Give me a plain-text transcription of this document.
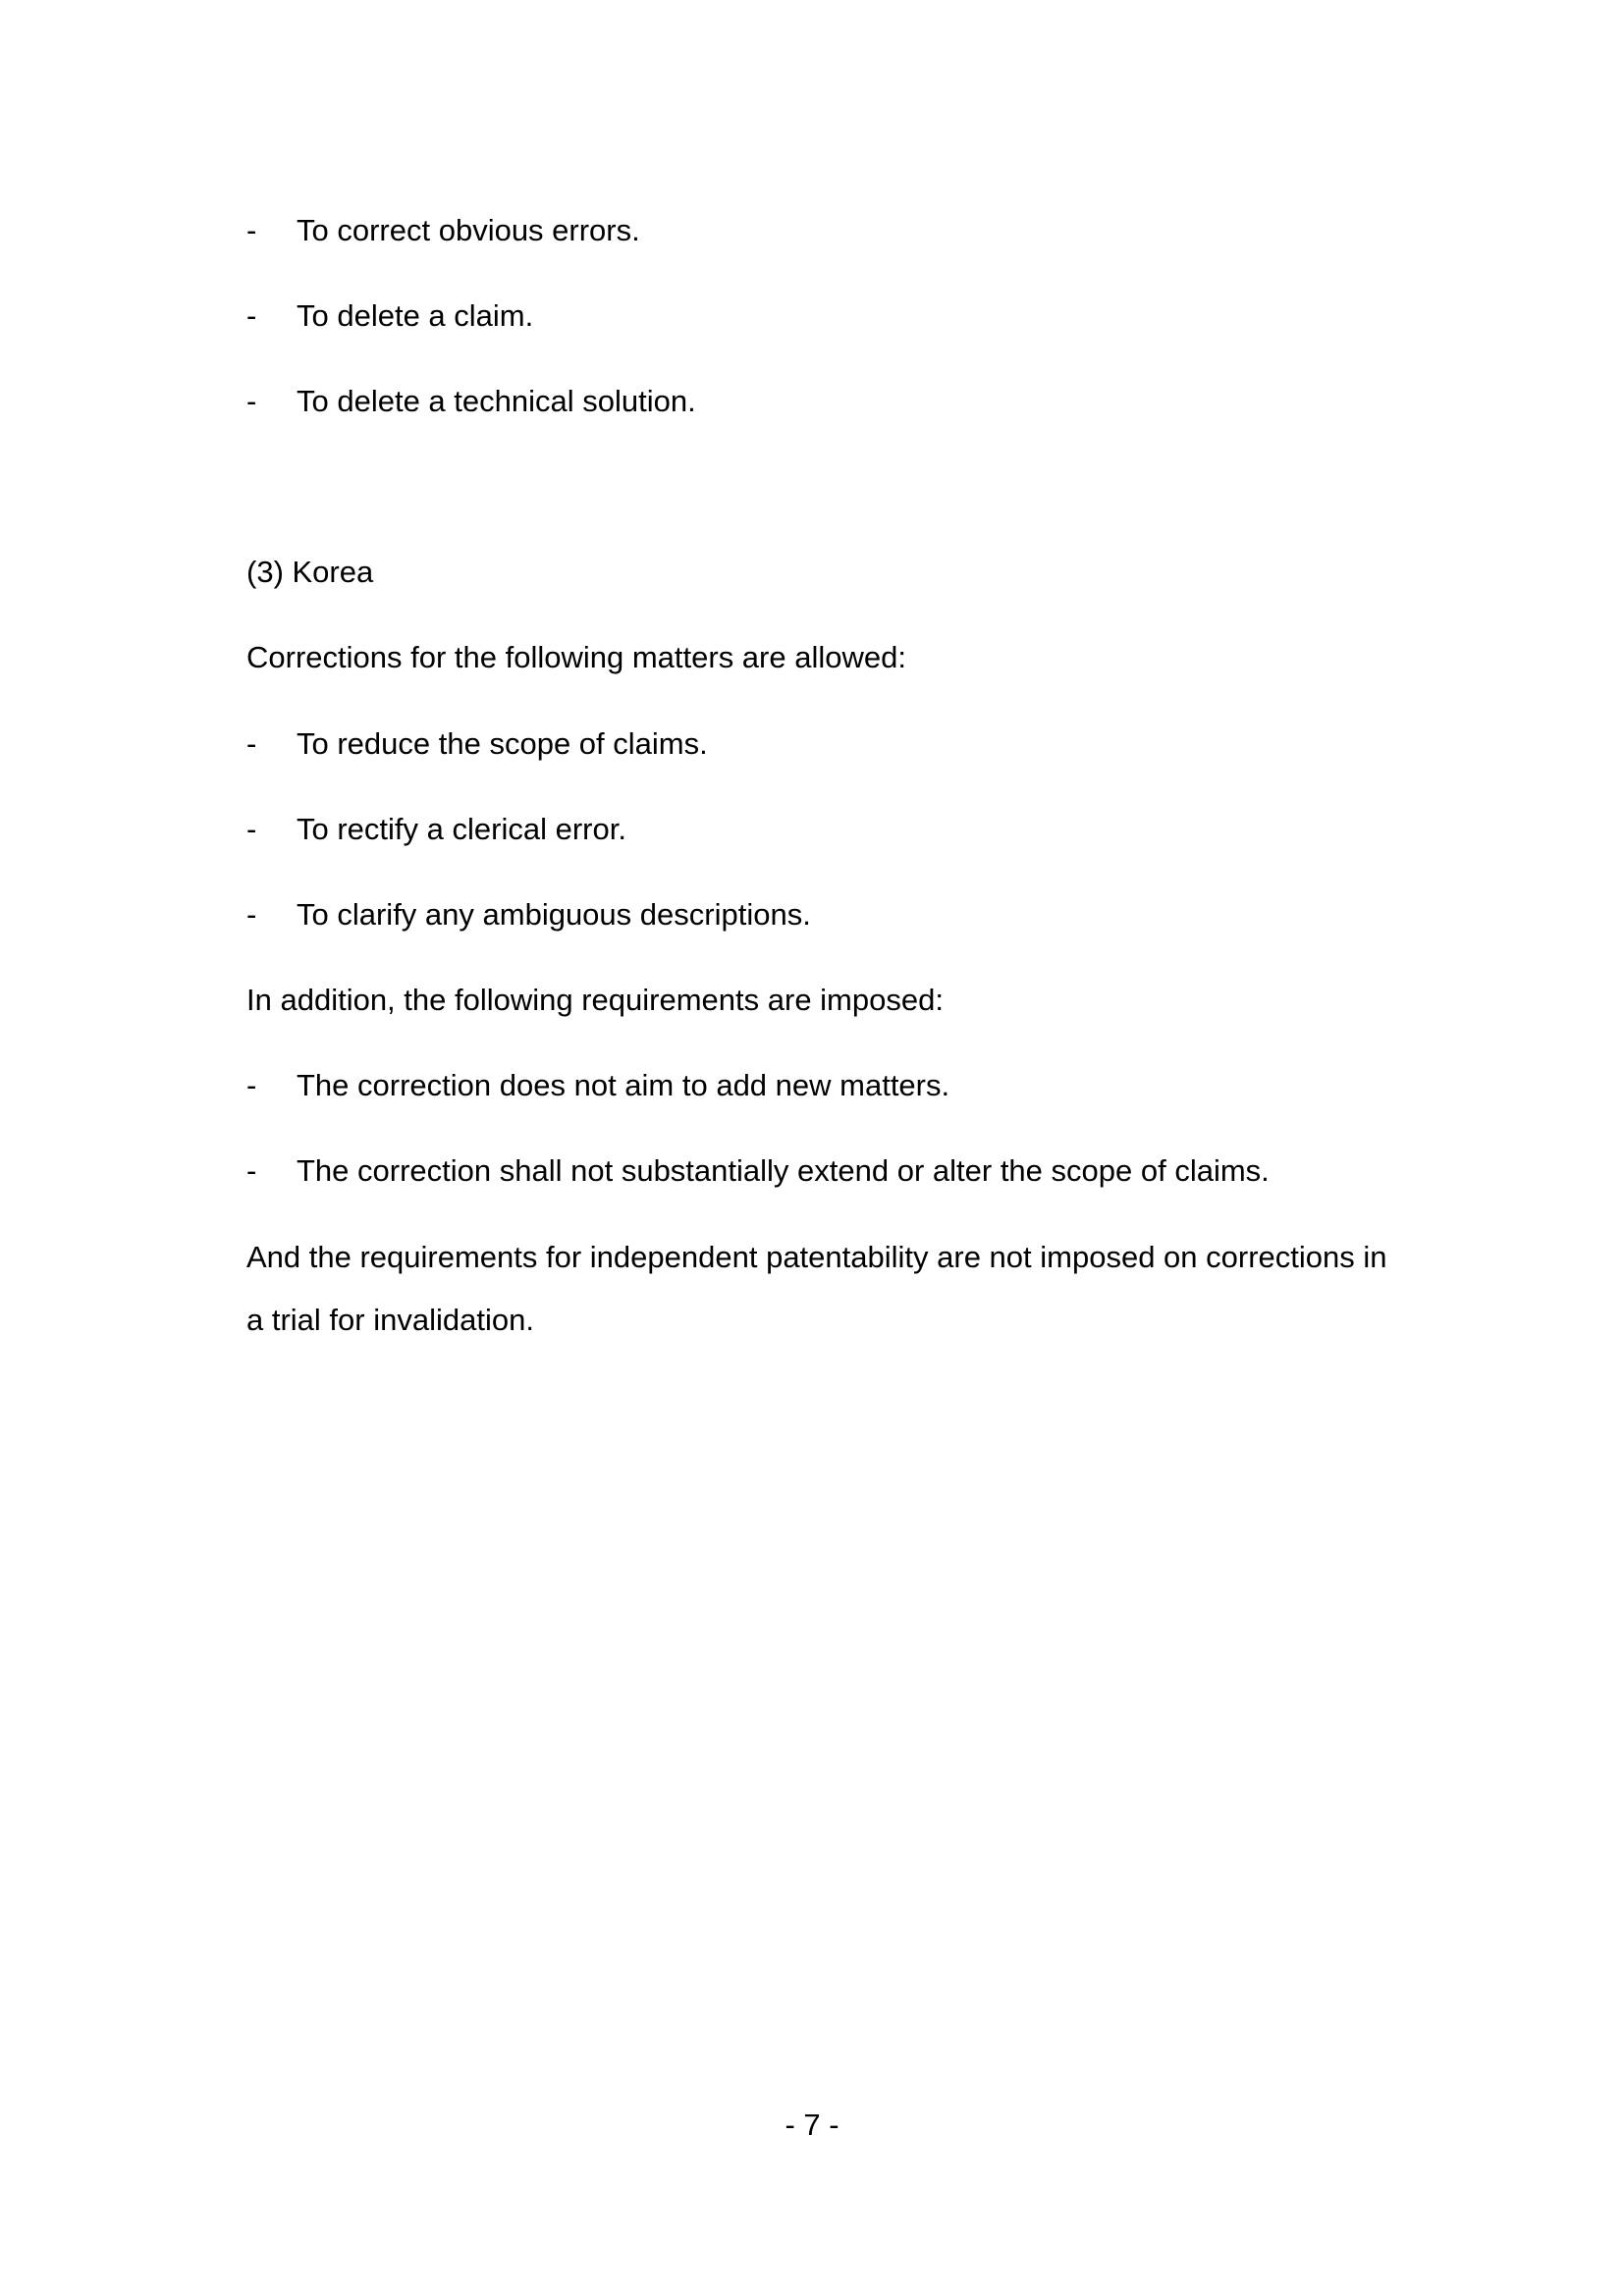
- To correct obvious errors.
- To delete a claim.
- To delete a technical solution.
(3) Korea
Corrections for the following matters are allowed:
- To reduce the scope of claims.
- To rectify a clerical error.
- To clarify any ambiguous descriptions.
In addition, the following requirements are imposed:
- The correction does not aim to add new matters.
- The correction shall not substantially extend or alter the scope of claims.
And the requirements for independent patentability are not imposed on corrections in
a trial for invalidation.
- 7 -
